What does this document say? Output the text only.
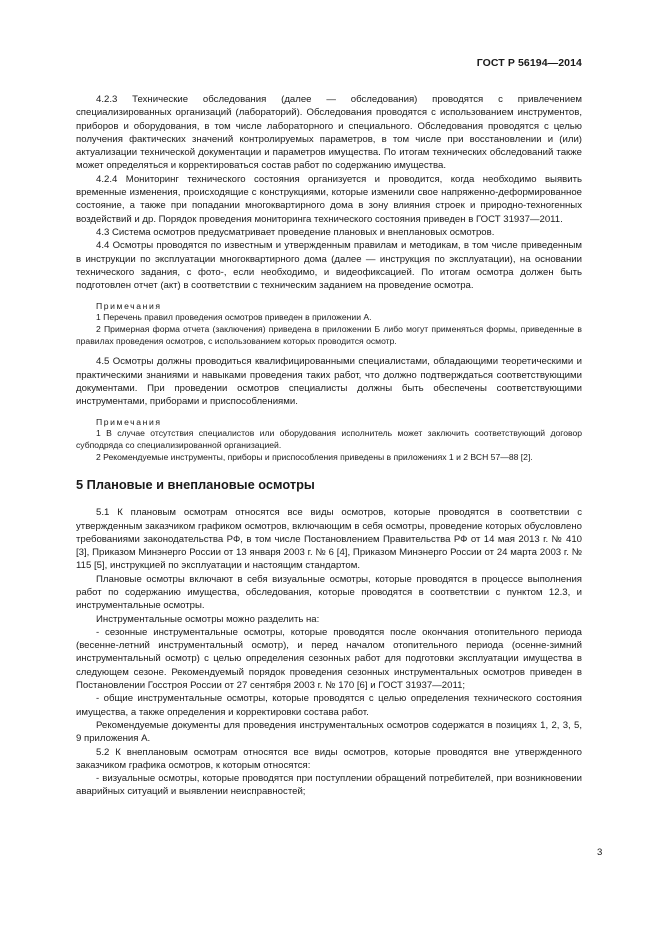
ГОСТ Р 56194—2014

4.2.3 Технические обследования (далее — обследования) проводятся с привлечением специализированных организаций (лабораторий). Обследования проводятся с использованием инструментов, приборов и оборудования, в том числе лабораторного и специального. Обследования проводятся с целью получения фактических значений контролируемых параметров, в том числе при восстановлении и (или) актуализации технической документации и параметров имущества. По итогам технических обследований также может определяться и корректироваться состав работ по содержанию имущества.

4.2.4 Мониторинг технического состояния организуется и проводится, когда необходимо выявить временные изменения, происходящие с конструкциями, которые изменили свое напряженно-деформированное состояние, а также при попадании многоквартирного дома в зону влияния строек и природно-техногенных воздействий и др. Порядок проведения мониторинга технического состояния приведен в ГОСТ 31937—2011.

4.3 Система осмотров предусматривает проведение плановых и внеплановых осмотров.

4.4 Осмотры проводятся по известным и утвержденным правилам и методикам, в том числе приведенным в инструкции по эксплуатации многоквартирного дома (далее — инструкция по эксплуатации), на основании технического задания, с фото-, если необходимо, и видеофиксацией. По итогам осмотра должен быть подготовлен отчет (акт) в соответствии с техническим заданием на проведение осмотра.

Примечания

1 Перечень правил проведения осмотров приведен в приложении А.

2 Примерная форма отчета (заключения) приведена в приложении Б либо могут применяться формы, приведенные в правилах проведения осмотров, с использованием которых проводится осмотр.

4.5 Осмотры должны проводиться квалифицированными специалистами, обладающими теоретическими и практическими знаниями и навыками проведения таких работ, что должно подтверждаться соответствующими документами. При проведении осмотров специалисты должны быть обеспечены соответствующими инструментами, приборами и приспособлениями.

Примечания

1 В случае отсутствия специалистов или оборудования исполнитель может заключить соответствующий договор субподряда со специализированной организацией.

2 Рекомендуемые инструменты, приборы и приспособления приведены в приложениях 1 и 2 ВСН 57—88 [2].

5 Плановые и внеплановые осмотры

5.1 К плановым осмотрам относятся все виды осмотров, которые проводятся в соответствии с утвержденным заказчиком графиком осмотров, включающим в себя осмотры, проведение которых обусловлено требованиями законодательства РФ, в том числе Постановлением Правительства РФ от 14 мая 2013 г. № 410 [3], Приказом Минэнерго России от 13 января 2003 г. № 6 [4], Приказом Минэнерго России от 24 марта 2003 г. № 115 [5], инструкцией по эксплуатации и настоящим стандартом.

Плановые осмотры включают в себя визуальные осмотры, которые проводятся в процессе выполнения работ по содержанию имущества, обследования, которые проводятся в соответствии с пунктом 12.3, и инструментальные осмотры.

Инструментальные осмотры можно разделить на:

- сезонные инструментальные осмотры, которые проводятся после окончания отопительного периода (весенне-летний инструментальный осмотр), и перед началом отопительного периода (осенне-зимний инструментальный осмотр) с целью определения сезонных работ для подготовки эксплуатации имущества в следующем сезоне. Рекомендуемый порядок проведения сезонных инструментальных осмотров приведен в Постановлении Госстроя России от 27 сентября 2003 г. № 170 [6] и ГОСТ 31937—2011;

- общие инструментальные осмотры, которые проводятся с целью определения технического состояния имущества, а также определения и корректировки состава работ.

Рекомендуемые документы для проведения инструментальных осмотров содержатся в позициях 1, 2, 3, 5, 9 приложения А.

5.2 К внеплановым осмотрам относятся все виды осмотров, которые проводятся вне утвержденного заказчиком графика осмотров, к которым относятся:

- визуальные осмотры, которые проводятся при поступлении обращений потребителей, при возникновении аварийных ситуаций и выявлении неисправностей;

3
